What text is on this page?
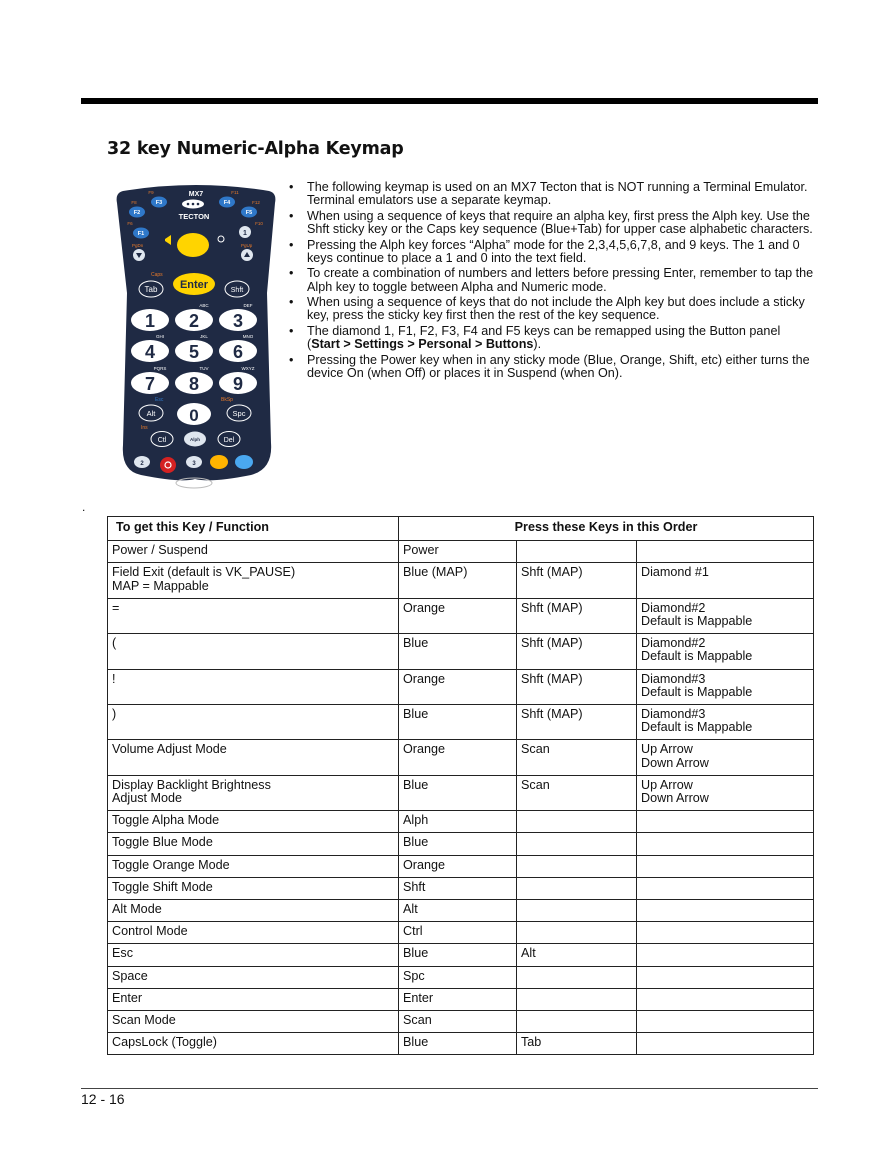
32 key Numeric-Alpha Keymap
MX7
TECTON
F3
F2
F1
F4
F5
F9
F8
F6
F11
F12
F10
PgDn	PgUp
1
Caps
Enter
Tab	Shft
1 2 3
4 5 6
7 8 9
0
ABC	DEF
GHI	JKL	MNO
PQRS	TUV	WXYZ
Esc	BkSp
Alt	Spc
Ins
Ctl	Alph	Del
2	3
• The following keymap is used on an MX7 Tecton that is NOT running a Terminal Emulator. Terminal emulators use a separate keymap.
• When using a sequence of keys that require an alpha key, first press the Alph key. Use the Shft sticky key or the Caps key sequence (Blue+Tab) for upper case alphabetic characters.
• Pressing the Alph key forces “Alpha” mode for the 2,3,4,5,6,7,8, and 9 keys. The 1 and 0 keys continue to place a 1 and 0 into the text field.
• To create a combination of numbers and letters before pressing Enter, remember to tap the Alph key to toggle between Alpha and Numeric mode.
• When using a sequence of keys that do not include the Alph key but does include a sticky key, press the sticky key first then the rest of the key sequence.
• The diamond 1, F1, F2, F3, F4 and F5 keys can be remapped using the Button panel (Start > Settings > Personal > Buttons).
• Pressing the Power key when in any sticky mode (Blue, Orange, Shift, etc) either turns the device On (when Off) or places it in Suspend (when On).
.
To get this Key / Function	Press these Keys in this Order		
Power / Suspend	Power		
Field Exit (default is VK_PAUSE)
MAP = Mappable	Blue (MAP)	Shft (MAP)	Diamond #1
=	Orange	Shft (MAP)	Diamond#2
Default is Mappable
(	Blue	Shft (MAP)	Diamond#2
Default is Mappable
!	Orange	Shft (MAP)	Diamond#3
Default is Mappable
)	Blue	Shft (MAP)	Diamond#3
Default is Mappable
Volume Adjust Mode	Orange	Scan	Up Arrow
Down Arrow
Display Backlight Brightness
Adjust Mode	Blue	Scan	Up Arrow
Down Arrow
Toggle Alpha Mode	Alph		
Toggle Blue Mode	Blue		
Toggle Orange Mode	Orange		
Toggle Shift Mode	Shft		
Alt Mode	Alt		
Control Mode	Ctrl		
Esc	Blue	Alt	
Space	Spc		
Enter	Enter		
Scan Mode	Scan		
CapsLock (Toggle)	Blue	Tab	
12 - 16
